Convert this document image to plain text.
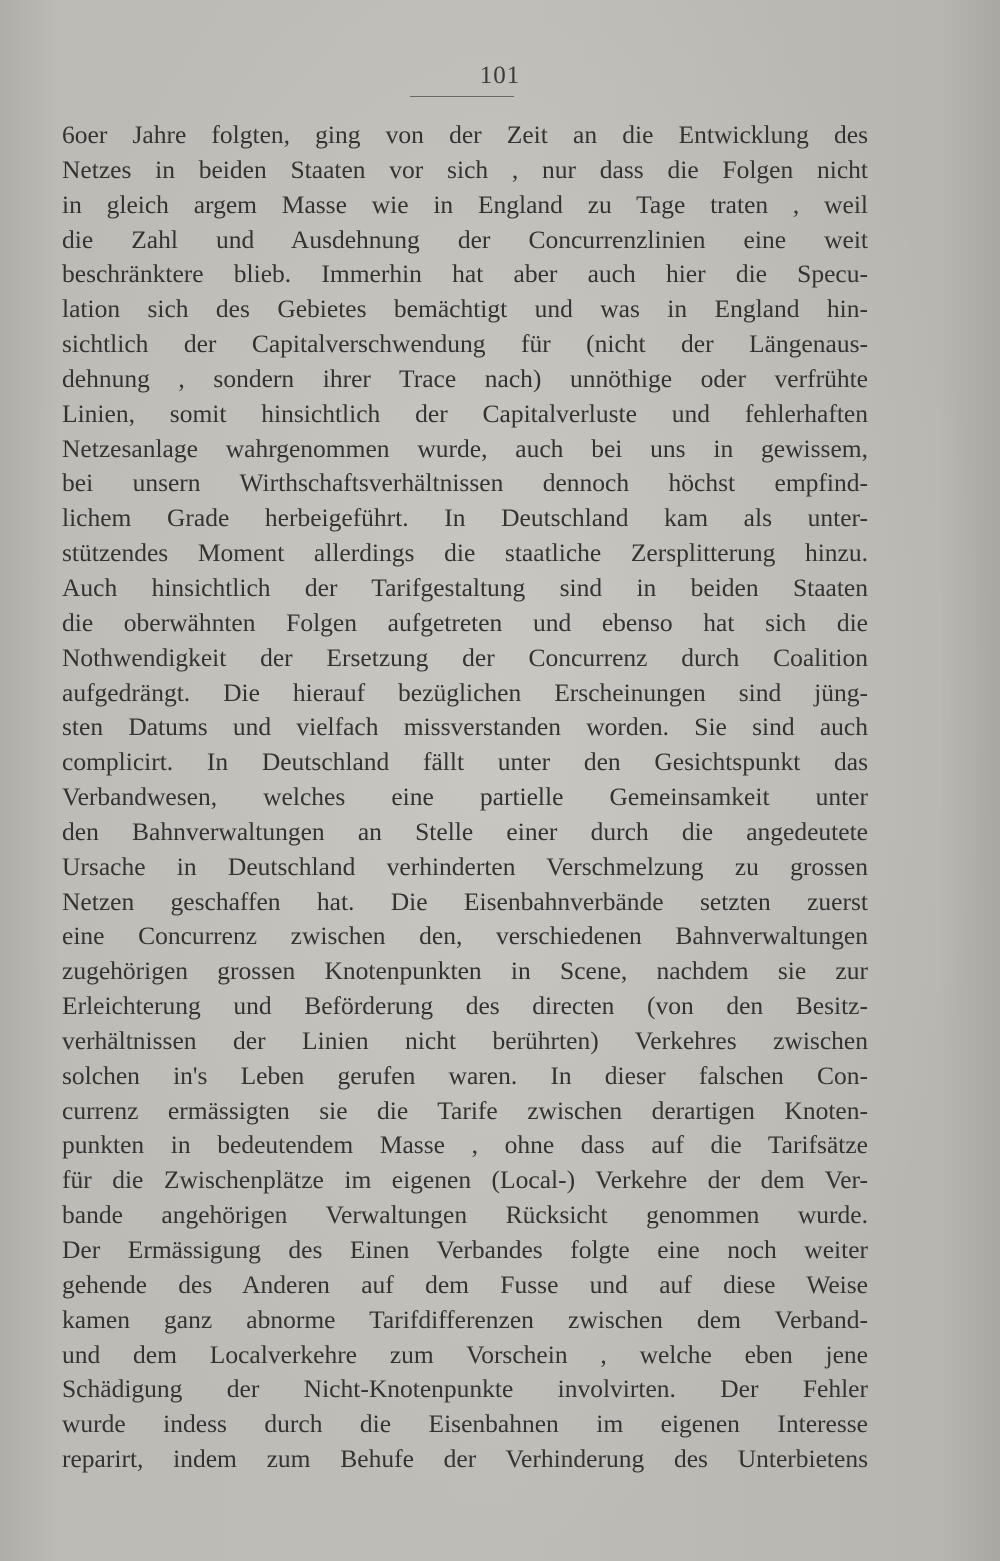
101
6oer Jahre folgten, ging von der Zeit an die Entwicklung des
Netzes in beiden Staaten vor sich , nur dass die Folgen nicht
in gleich argem Masse wie in England zu Tage traten , weil
die Zahl und Ausdehnung der Concurrenzlinien eine weit
beschränktere blieb. Immerhin hat aber auch hier die Specu-
lation sich des Gebietes bemächtigt und was in England hin-
sichtlich der Capitalverschwendung für (nicht der Längenaus-
dehnung , sondern ihrer Trace nach) unnöthige oder verfrühte
Linien, somit hinsichtlich der Capitalverluste und fehlerhaften
Netzesanlage wahrgenommen wurde, auch bei uns in gewissem,
bei unsern Wirthschaftsverhältnissen dennoch höchst empfind-
lichem Grade herbeigeführt. In Deutschland kam als unter-
stützendes Moment allerdings die staatliche Zersplitterung hinzu.
Auch hinsichtlich der Tarifgestaltung sind in beiden Staaten
die oberwähnten Folgen aufgetreten und ebenso hat sich die
Nothwendigkeit der Ersetzung der Concurrenz durch Coalition
aufgedrängt. Die hierauf bezüglichen Erscheinungen sind jüng-
sten Datums und vielfach missverstanden worden. Sie sind auch
complicirt. In Deutschland fällt unter den Gesichtspunkt das
Verbandwesen, welches eine partielle Gemeinsamkeit unter
den Bahnverwaltungen an Stelle einer durch die angedeutete
Ursache in Deutschland verhinderten Verschmelzung zu grossen
Netzen geschaffen hat. Die Eisenbahnverbände setzten zuerst
eine Concurrenz zwischen den, verschiedenen Bahnverwaltungen
zugehörigen grossen Knotenpunkten in Scene, nachdem sie zur
Erleichterung und Beförderung des directen (von den Besitz-
verhältnissen der Linien nicht berührten) Verkehres zwischen
solchen in's Leben gerufen waren. In dieser falschen Con-
currenz ermässigten sie die Tarife zwischen derartigen Knoten-
punkten in bedeutendem Masse , ohne dass auf die Tarifsätze
für die Zwischenplätze im eigenen (Local-) Verkehre der dem Ver-
bande angehörigen Verwaltungen Rücksicht genommen wurde.
Der Ermässigung des Einen Verbandes folgte eine noch weiter
gehende des Anderen auf dem Fusse und auf diese Weise
kamen ganz abnorme Tarifdifferenzen zwischen dem Verband-
und dem Localverkehre zum Vorschein , welche eben jene
Schädigung der Nicht-Knotenpunkte involvirten. Der Fehler
wurde indess durch die Eisenbahnen im eigenen Interesse
reparirt, indem zum Behufe der Verhinderung des Unterbietens
